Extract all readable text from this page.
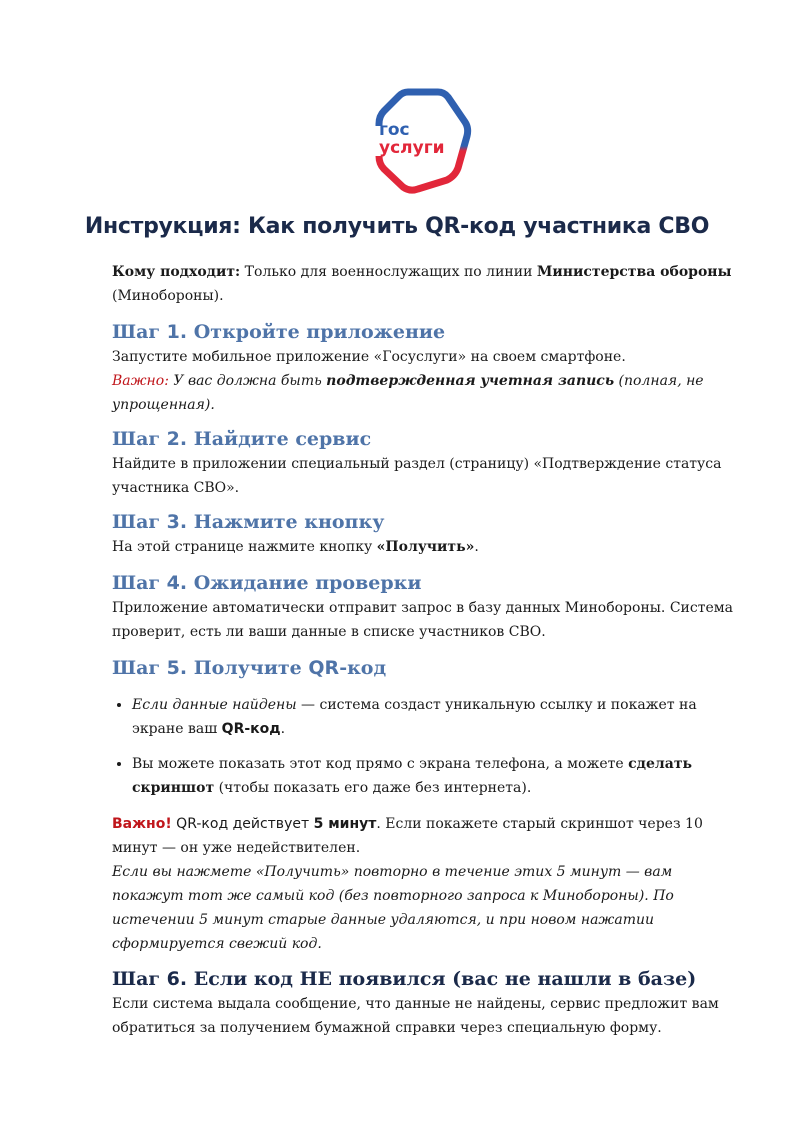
гос
услуги
Инструкция: Как получить QR-код участника СВО

Кому подходит: Только для военнослужащих по линии Министерства обороны (Минобороны).

Шаг 1. Откройте приложение

Запустите мобильное приложение «Госуслуги» на своем смартфоне.

Важно: У вас должна быть подтвержденная учетная запись (полная, не упрощенная).

Шаг 2. Найдите сервис

Найдите в приложении специальный раздел (страницу) «Подтверждение статуса участника СВО».

Шаг 3. Нажмите кнопку

На этой странице нажмите кнопку «Получить».

Шаг 4. Ожидание проверки

Приложение автоматически отправит запрос в базу данных Минобороны. Система проверит, есть ли ваши данные в списке участников СВО.

Шаг 5. Получите QR-код
• Если данные найдены — система создаст уникальную ссылку и покажет на экране ваш QR-код.
• Вы можете показать этот код прямо с экрана телефона, а можете сделать скриншот (чтобы показать его даже без интернета).

Важно! QR-код действует 5 минут. Если покажете старый скриншот через 10 минут — он уже недействителен.

Если вы нажмете «Получить» повторно в течение этих 5 минут — вам покажут тот же самый код (без повторного запроса к Минобороны). По истечении 5 минут старые данные удаляются, и при новом нажатии сформируется свежий код.

Шаг 6. Если код НЕ появился (вас не нашли в базе)

Если система выдала сообщение, что данные не найдены, сервис предложит вам обратиться за получением бумажной справки через специальную форму.
